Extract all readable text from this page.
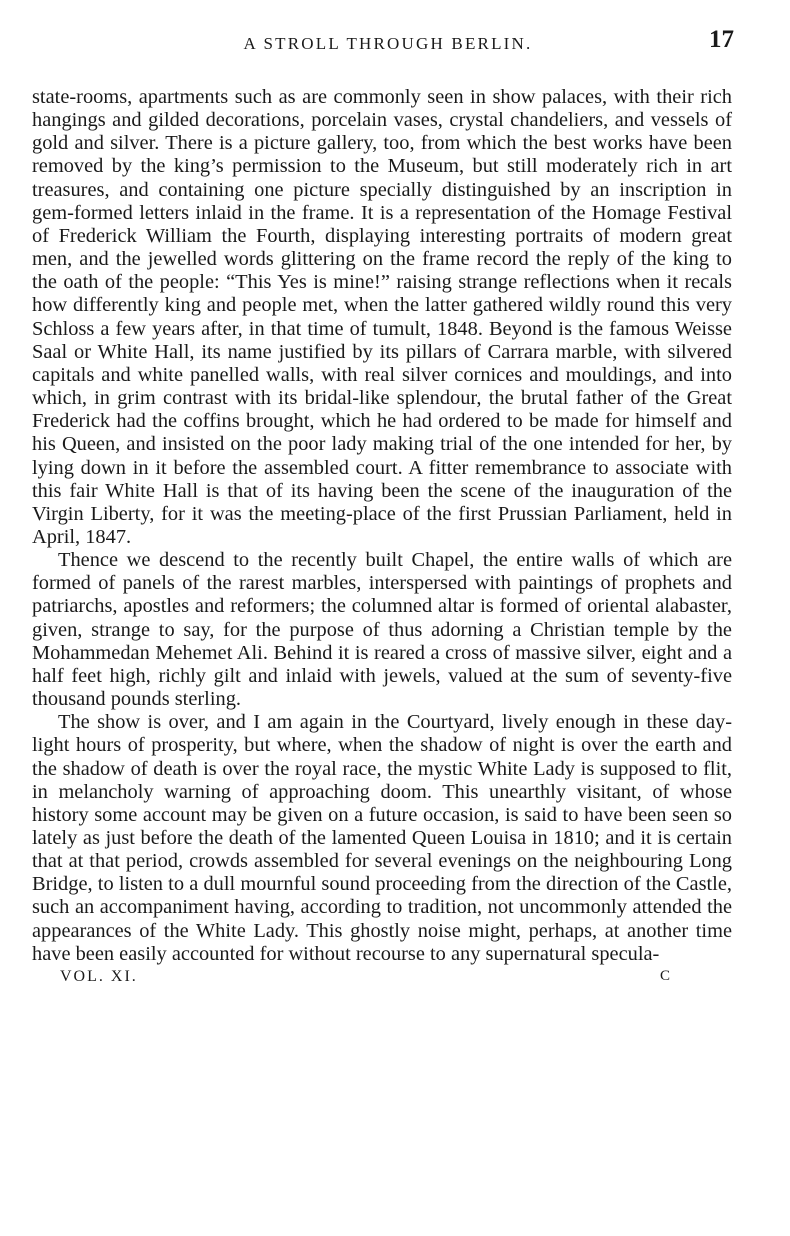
A STROLL THROUGH BERLIN.	17

state-rooms, apartments such as are commonly seen in show palaces, with their rich hangings and gilded decorations, porcelain vases, crystal chandeliers, and vessels of gold and silver. There is a picture gallery, too, from which the best works have been removed by the king’s permission to the Museum, but still moderately rich in art treasures, and containing one picture specially distinguished by an inscription in gem-formed letters inlaid in the frame. It is a representation of the Homage Festival of Frederick William the Fourth, displaying interesting portraits of modern great men, and the jewelled words glittering on the frame record the reply of the king to the oath of the people: “This Yes is mine!” raising strange reflections when it recals how differently king and people met, when the latter gathered wildly round this very Schloss a few years after, in that time of tumult, 1848. Beyond is the famous Weisse Saal or White Hall, its name justified by its pillars of Carrara marble, with silvered capitals and white panelled walls, with real silver cornices and mouldings, and into which, in grim contrast with its bridal-like splendour, the brutal father of the Great Frederick had the coffins brought, which he had ordered to be made for himself and his Queen, and insisted on the poor lady making trial of the one intended for her, by lying down in it before the assembled court. A fitter remembrance to associate with this fair White Hall is that of its having been the scene of the inauguration of the Virgin Liberty, for it was the meeting-place of the first Prussian Parliament, held in April, 1847.

Thence we descend to the recently built Chapel, the entire walls of which are formed of panels of the rarest marbles, interspersed with paintings of prophets and patriarchs, apostles and reformers; the columned altar is formed of oriental alabaster, given, strange to say, for the purpose of thus adorning a Christian temple by the Mohammedan Mehemet Ali. Behind it is reared a cross of massive silver, eight and a half feet high, richly gilt and inlaid with jewels, valued at the sum of seventy-five thousand pounds sterling.

The show is over, and I am again in the Courtyard, lively enough in these day-light hours of prosperity, but where, when the shadow of night is over the earth and the shadow of death is over the royal race, the mystic White Lady is supposed to flit, in melancholy warning of approaching doom. This unearthly visitant, of whose history some account may be given on a future occasion, is said to have been seen so lately as just before the death of the lamented Queen Louisa in 1810; and it is certain that at that period, crowds assembled for several evenings on the neighbouring Long Bridge, to listen to a dull mournful sound proceeding from the direction of the Castle, such an accompaniment having, according to tradition, not uncommonly attended the appearances of the White Lady. This ghostly noise might, perhaps, at another time have been easily accounted for without recourse to any supernatural specula-

VOL. XI.	C
